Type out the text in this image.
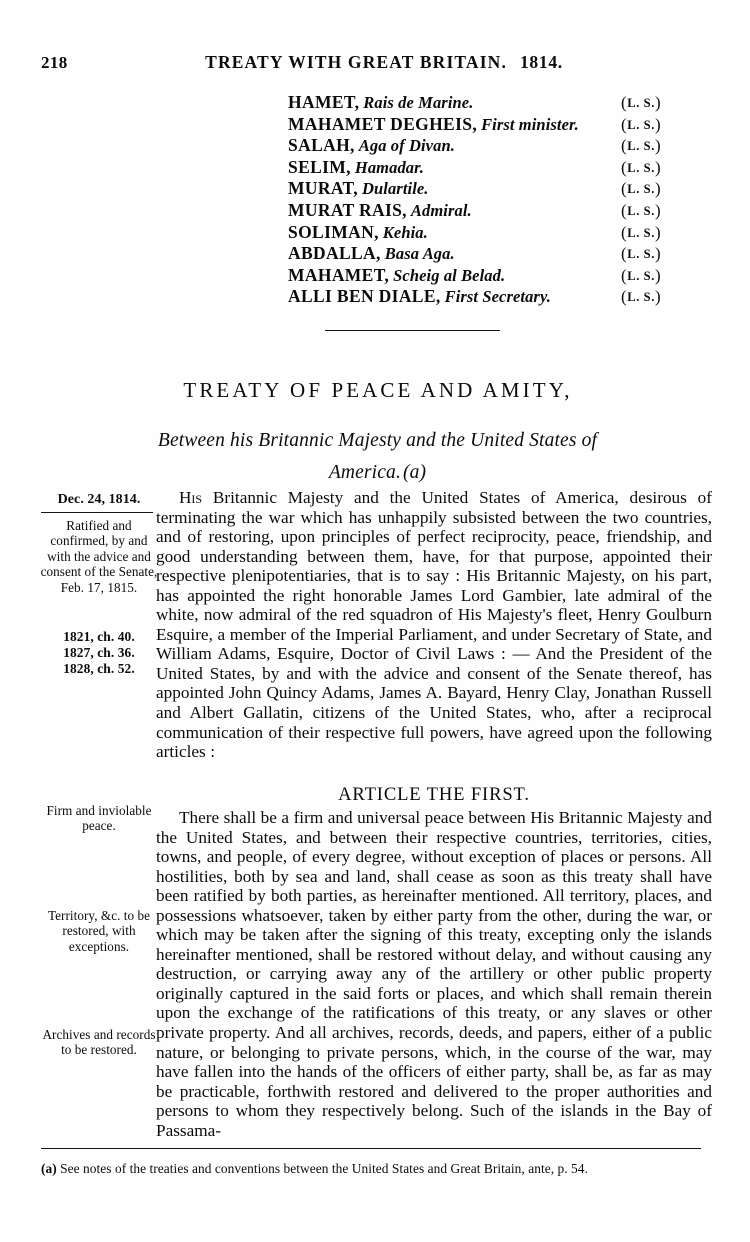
218	TREATY WITH GREAT BRITAIN. 1814.
HAMET, Rais de Marine.	(L. S.)
MAHAMET DEGHEIS, First minister. (L. S.)
SALAH, Aga of Divan.	(L. S.)
SELIM, Hamadar.	(L. S.)
MURAT, Dulartile.	(L. S.)
MURAT RAIS, Admiral.	(L. S.)
SOLIMAN, Kehia.	(L. S.)
ABDALLA, Basa Aga.	(L. S.)
MAHAMET, Scheig al Belad.	(L. S.)
ALLI BEN DIALE, First Secretary.	(L. S.)
TREATY OF PEACE AND AMITY,
Between his Britannic Majesty and the United States of America. (a)
Dec. 24, 1814.
Ratified and confirmed, by and with the advice and consent of the Senate, Feb. 17, 1815.
1821, ch. 40.
1827, ch. 36.
1828, ch. 52.
Firm and inviolable peace.
Territory, &c. to be restored, with exceptions.
Archives and records to be restored.
His Britannic Majesty and the United States of America, desirous of terminating the war which has unhappily subsisted between the two countries, and of restoring, upon principles of perfect reciprocity, peace, friendship, and good understanding between them, have, for that purpose, appointed their respective plenipotentiaries, that is to say : His Britannic Majesty, on his part, has appointed the right honorable James Lord Gambier, late admiral of the white, now admiral of the red squadron of His Majesty's fleet, Henry Goulburn Esquire, a member of the Imperial Parliament, and under Secretary of State, and William Adams, Esquire, Doctor of Civil Laws : — And the President of the United States, by and with the advice and consent of the Senate thereof, has appointed John Quincy Adams, James A. Bayard, Henry Clay, Jonathan Russell and Albert Gallatin, citizens of the United States, who, after a reciprocal communication of their respective full powers, have agreed upon the following articles :
ARTICLE THE FIRST.
There shall be a firm and universal peace between His Britannic Majesty and the United States, and between their respective countries, territories, cities, towns, and people, of every degree, without exception of places or persons. All hostilities, both by sea and land, shall cease as soon as this treaty shall have been ratified by both parties, as hereinafter mentioned. All territory, places, and possessions whatsoever, taken by either party from the other, during the war, or which may be taken after the signing of this treaty, excepting only the islands hereinafter mentioned, shall be restored without delay, and without causing any destruction, or carrying away any of the artillery or other public property originally captured in the said forts or places, and which shall remain therein upon the exchange of the ratifications of this treaty, or any slaves or other private property. And all archives, records, deeds, and papers, either of a public nature, or belonging to private persons, which, in the course of the war, may have fallen into the hands of the officers of either party, shall be, as far as may be practicable, forthwith restored and delivered to the proper authorities and persons to whom they respectively belong. Such of the islands in the Bay of Passama-
(a) See notes of the treaties and conventions between the United States and Great Britain, ante, p. 54.
